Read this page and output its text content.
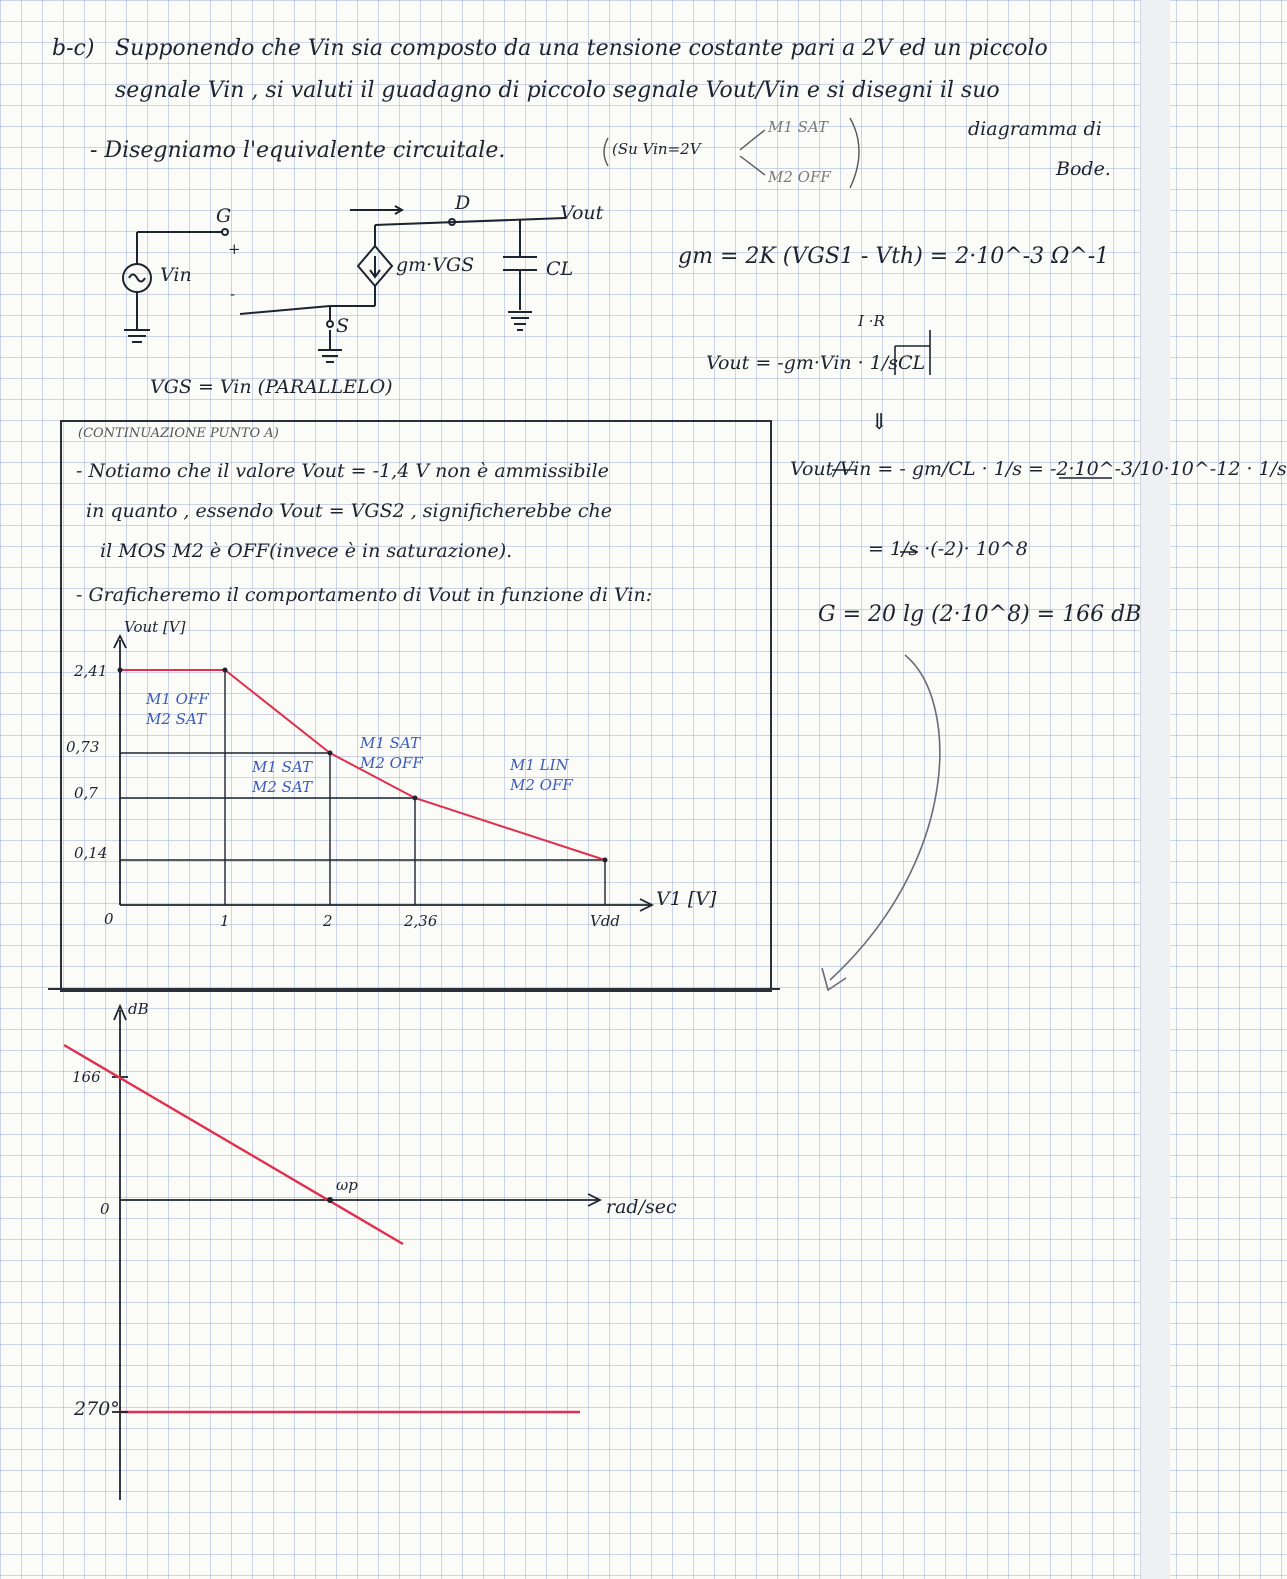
b-c) Supponendo che Vin sia composto da una tensione costante pari a 2V ed un piccolo
segnale Vin , si valuti il guadagno di piccolo segnale Vout/Vin e si disegni il suo
- Disegniamo l'equivalente circuitale.
diagramma di
Bode.
(Su Vin=2V
M1 SAT
M2 OFF
G
+
-
Vin
D
S
Vout
gm·VGS	CL
VGS = Vin (PARALLELO)
gm = 2K (VGS1 - Vth) = 2·10^-3 Ω^-1
I ·R
Vout = -gm·Vin · 1/sCL
⇓
Vout/Vin = - gm/CL · 1/s = -2·10^-3/10·10^-12 · 1/s
= 1/s ·(-2)· 10^8
G = 20 lg (2·10^8) = 166 dB
(CONTINUAZIONE PUNTO A)
- Notiamo che il valore Vout = -1,4 V non è ammissibile
in quanto , essendo Vout = VGS2 , significherebbe che
il MOS M2 è OFF(invece è in saturazione).
- Graficheremo il comportamento di Vout in funzione di Vin:
Vout [V]
V1 [V]
0	1	2	2,36	Vdd
0,14
0,7
0,73
2,41
M1 OFF
M2 SAT
M1 SAT
M2 SAT
M1 SAT
M2 OFF	M1 LIN
M2 OFF
dB
166
0	rad/sec
ωp
270°
